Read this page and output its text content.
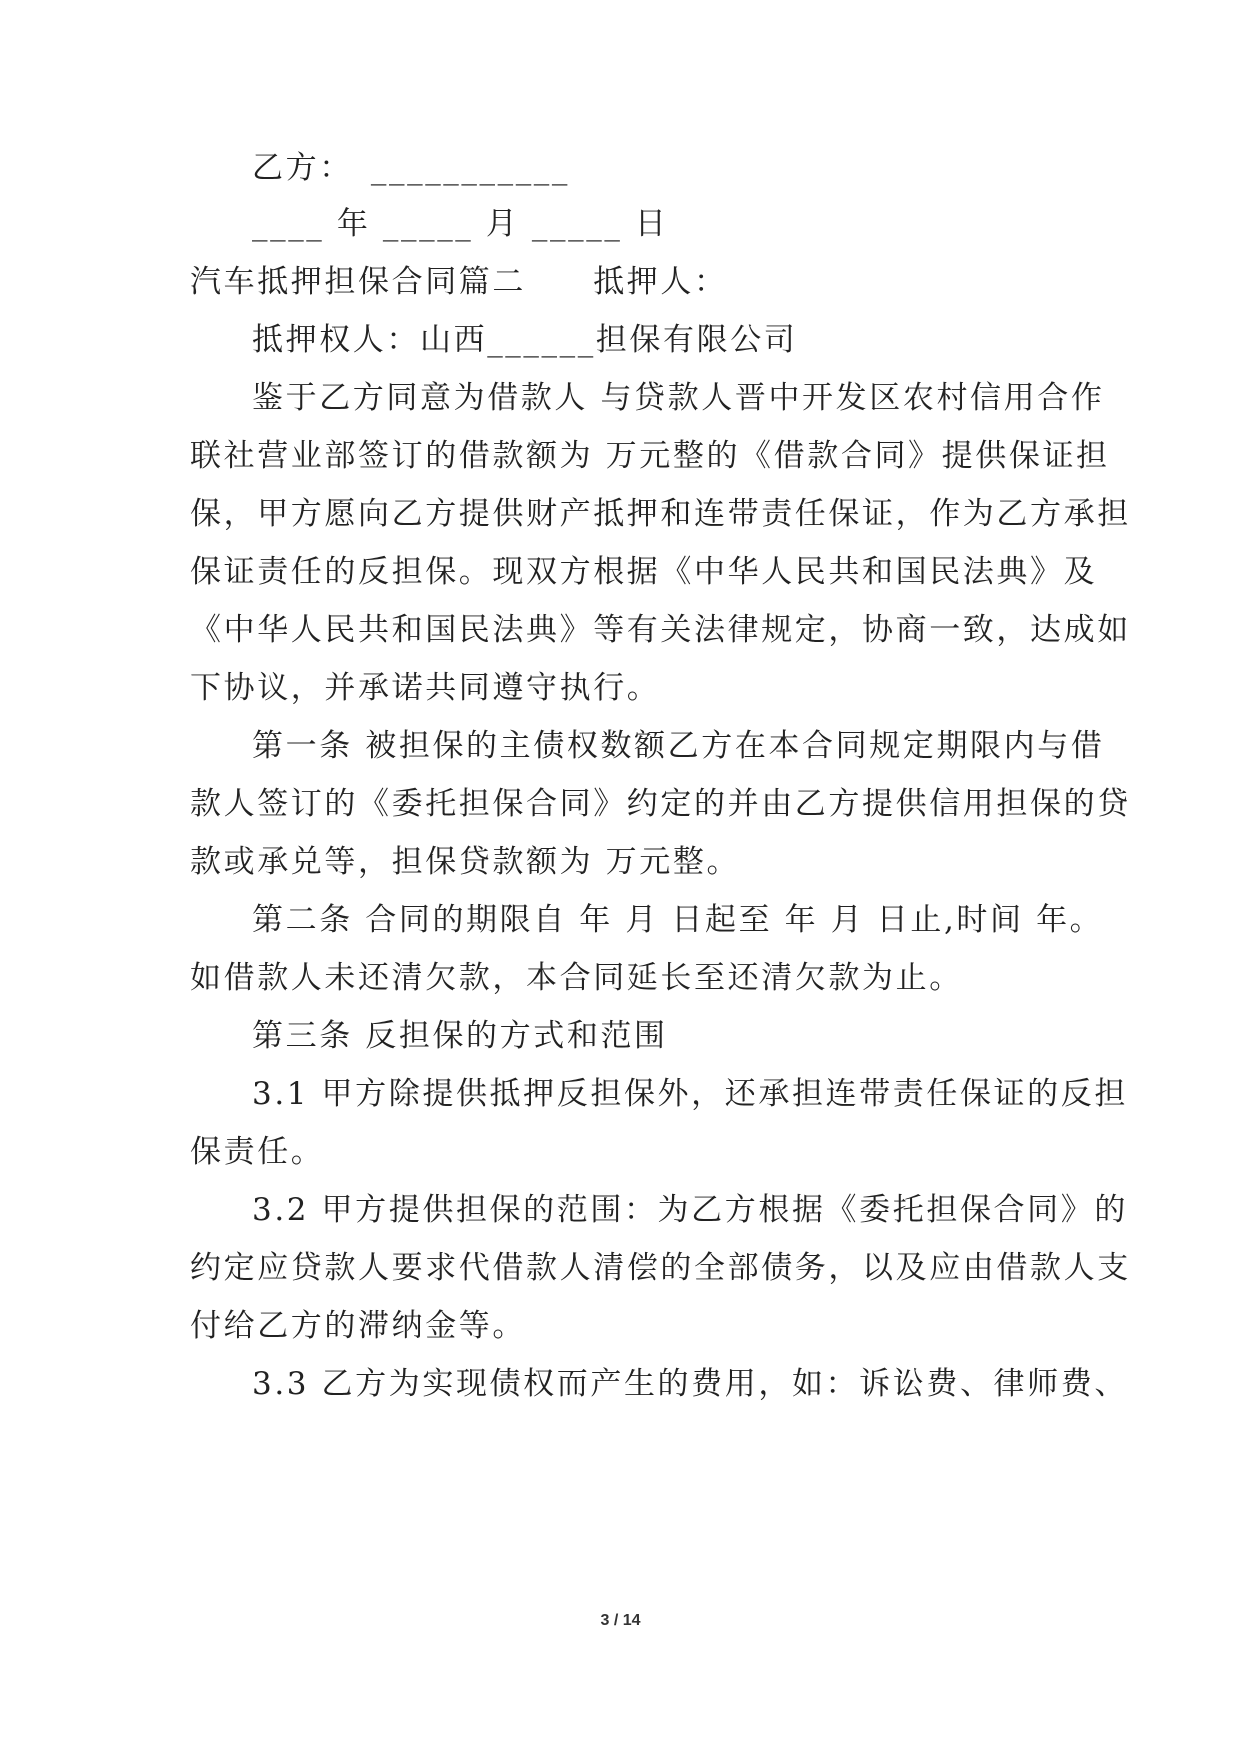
乙方：　___________
____ 年 _____ 月 _____ 日
汽车抵押担保合同篇二　　抵押人：
抵押权人：山西______担保有限公司
鉴于乙方同意为借款人 与贷款人晋中开发区农村信用合作
联社营业部签订的借款额为 万元整的《借款合同》提供保证担
保，甲方愿向乙方提供财产抵押和连带责任保证，作为乙方承担
保证责任的反担保。现双方根据《中华人民共和国民法典》及
《中华人民共和国民法典》等有关法律规定，协商一致，达成如
下协议，并承诺共同遵守执行。
第一条 被担保的主债权数额乙方在本合同规定期限内与借
款人签订的《委托担保合同》约定的并由乙方提供信用担保的贷
款或承兑等，担保贷款额为 万元整。
第二条 合同的期限自 年 月 日起至 年 月 日止,时间 年。
如借款人未还清欠款，本合同延长至还清欠款为止。
第三条 反担保的方式和范围
3.1 甲方除提供抵押反担保外，还承担连带责任保证的反担
保责任。
3.2 甲方提供担保的范围：为乙方根据《委托担保合同》的
约定应贷款人要求代借款人清偿的全部债务，以及应由借款人支
付给乙方的滞纳金等。
3.3 乙方为实现债权而产生的费用，如：诉讼费、律师费、
3 / 14
